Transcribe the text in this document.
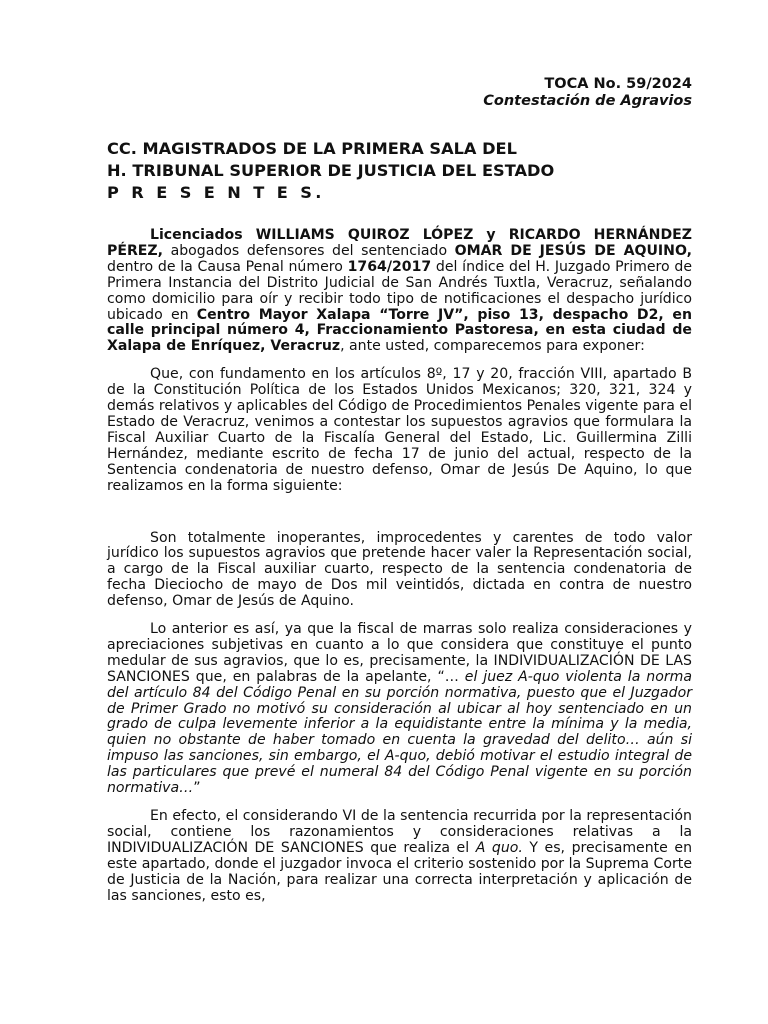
TOCA No. 59/2024
Contestación de Agravios
CC. MAGISTRADOS DE LA PRIMERA SALA DEL
H. TRIBUNAL SUPERIOR DE JUSTICIA DEL ESTADO
P R E S E N T E S.

Licenciados WILLIAMS QUIROZ LÓPEZ y RICARDO HERNÁNDEZ PÉREZ, abogados defensores del sentenciado OMAR DE JESÚS DE AQUINO, dentro de la Causa Penal número 1764/2017 del índice del H. Juzgado Primero de Primera Instancia del Distrito Judicial de San Andrés Tuxtla, Veracruz, señalando como domicilio para oír y recibir todo tipo de notificaciones el despacho jurídico ubicado en Centro Mayor Xalapa “Torre JV”, piso 13, despacho D2, en calle principal número 4, Fraccionamiento Pastoresa, en esta ciudad de Xalapa de Enríquez, Veracruz, ante usted, comparecemos para exponer:

Que, con fundamento en los artículos 8º, 17 y 20, fracción VIII, apartado B de la Constitución Política de los Estados Unidos Mexicanos; 320, 321, 324 y demás relativos y aplicables del Código de Procedimientos Penales vigente para el Estado de Veracruz, venimos a contestar los supuestos agravios que formulara la Fiscal Auxiliar Cuarto de la Fiscalía General del Estado, Lic. Guillermina Zilli Hernández, mediante escrito de fecha 17 de junio del actual, respecto de la Sentencia condenatoria de nuestro defenso, Omar de Jesús De Aquino, lo que realizamos en la forma siguiente:

Son totalmente inoperantes, improcedentes y carentes de todo valor jurídico los supuestos agravios que pretende hacer valer la Representación social, a cargo de la Fiscal auxiliar cuarto, respecto de la sentencia condenatoria de fecha Dieciocho de mayo de Dos mil veintidós, dictada en contra de nuestro defenso, Omar de Jesús de Aquino.

Lo anterior es así, ya que la fiscal de marras solo realiza consideraciones y apreciaciones subjetivas en cuanto a lo que considera que constituye el punto medular de sus agravios, que lo es, precisamente, la INDIVIDUALIZACIÓN DE LAS SANCIONES que, en palabras de la apelante, “… el juez A-quo violenta la norma del artículo 84 del Código Penal en su porción normativa, puesto que el Juzgador de Primer Grado no motivó su consideración al ubicar al hoy sentenciado en un grado de culpa levemente inferior a la equidistante entre la mínima y la media, quien no obstante de haber tomado en cuenta la gravedad del delito… aún si impuso las sanciones, sin embargo, el A-quo, debió motivar el estudio integral de las particulares que prevé el numeral 84 del Código Penal vigente en su porción normativa…”

En efecto, el considerando VI de la sentencia recurrida por la representación social, contiene los razonamientos y consideraciones relativas a la INDIVIDUALIZACIÓN DE SANCIONES que realiza el A quo. Y es, precisamente en este apartado, donde el juzgador invoca el criterio sostenido por la Suprema Corte de Justicia de la Nación, para realizar una correcta interpretación y aplicación de las sanciones, esto es,
